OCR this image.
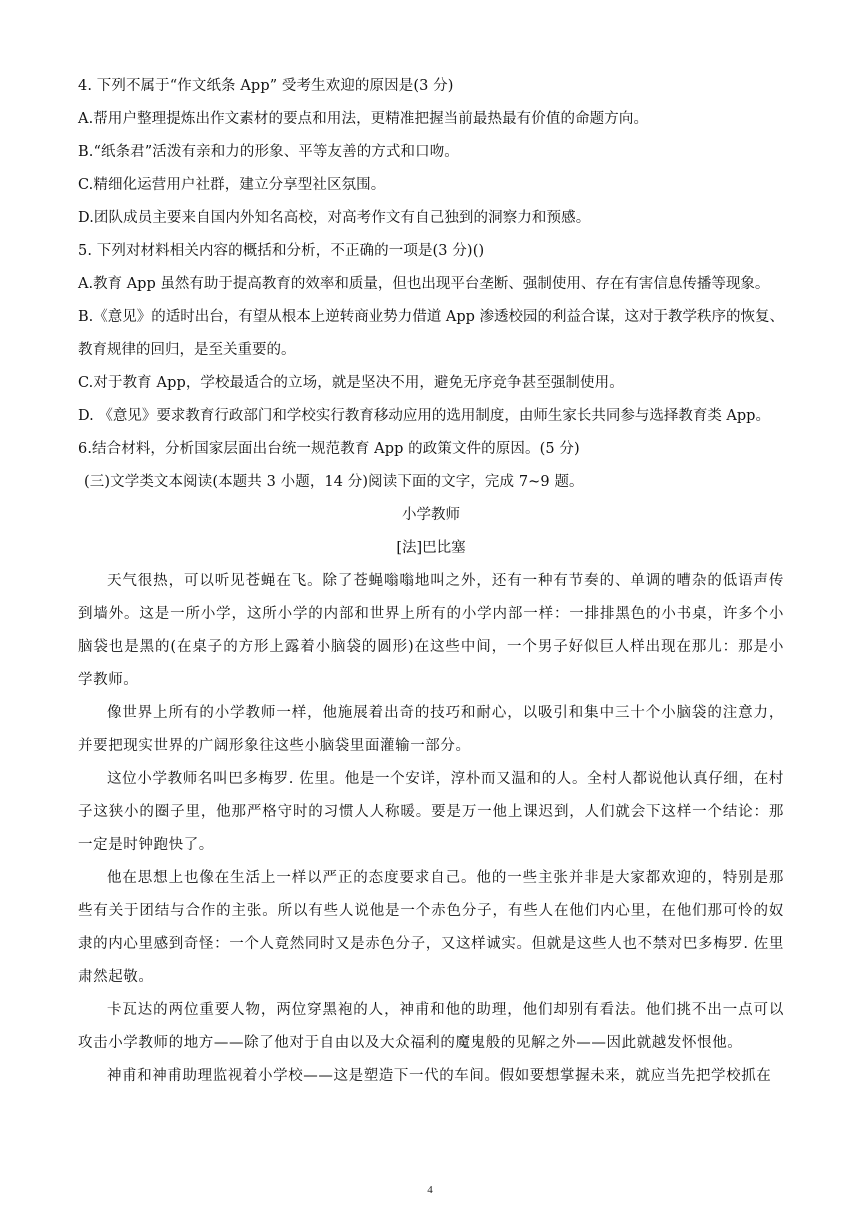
4. 下列不属于“作文纸条 App” 受考生欢迎的原因是(3 分)
A.帮用户整理提炼出作文素材的要点和用法，更精准把握当前最热最有价值的命题方向。
B.“纸条君”活泼有亲和力的形象、平等友善的方式和口吻。
C.精细化运营用户社群，建立分享型社区氛围。
D.团队成员主要来自国内外知名高校，对高考作文有自己独到的洞察力和预感。
5. 下列对材料相关内容的概括和分析，不正确的一项是(3 分)()
A.教育 App 虽然有助于提高教育的效率和质量，但也出现平台垄断、强制使用、存在有害信息传播等现象。
B.《意见》的适时出台，有望从根本上逆转商业势力借道 App 渗透校园的利益合谋，这对于教学秩序的恢复、教育规律的回归，是至关重要的。
C.对于教育 App，学校最适合的立场，就是坚决不用，避免无序竞争甚至强制使用。
D. 《意见》要求教育行政部门和学校实行教育移动应用的选用制度，由师生家长共同参与选择教育类 App。
6.结合材料，分析国家层面出台统一规范教育 App 的政策文件的原因。(5 分)
(三)文学类文本阅读(本题共 3 小题，14 分)阅读下面的文字，完成 7~9 题。
小学教师
[法]巴比塞

天气很热，可以听见苍蝇在飞。除了苍蝇嗡嗡地叫之外，还有一种有节奏的、单调的嘈杂的低语声传到墙外。这是一所小学，这所小学的内部和世界上所有的小学内部一样：一排排黑色的小书桌，许多个小脑袋也是黑的(在桌子的方形上露着小脑袋的圆形)在这些中间，一个男子好似巨人样出现在那儿：那是小学教师。

像世界上所有的小学教师一样，他施展着出奇的技巧和耐心，以吸引和集中三十个小脑袋的注意力，并要把现实世界的广阔形象往这些小脑袋里面灌输一部分。

这位小学教师名叫巴多梅罗. 佐里。他是一个安详，淳朴而又温和的人。全村人都说他认真仔细，在村子这狭小的圈子里，他那严格守时的习惯人人称暖。要是万一他上课迟到，人们就会下这样一个结论：那一定是时钟跑快了。

他在思想上也像在生活上一样以严正的态度要求自己。他的一些主张并非是大家都欢迎的，特别是那些有关于团结与合作的主张。所以有些人说他是一个赤色分子，有些人在他们内心里，在他们那可怜的奴隶的内心里感到奇怪：一个人竟然同时又是赤色分子，又这样诚实。但就是这些人也不禁对巴多梅罗. 佐里肃然起敬。

卡瓦达的两位重要人物，两位穿黑袍的人，神甫和他的助理，他们却别有看法。他们挑不出一点可以攻击小学教师的地方——除了他对于自由以及大众福利的魔鬼般的见解之外——因此就越发怀恨他。

神甫和神甫助理监视着小学校——这是塑造下一代的车间。假如要想掌握未来，就应当先把学校抓在

4
